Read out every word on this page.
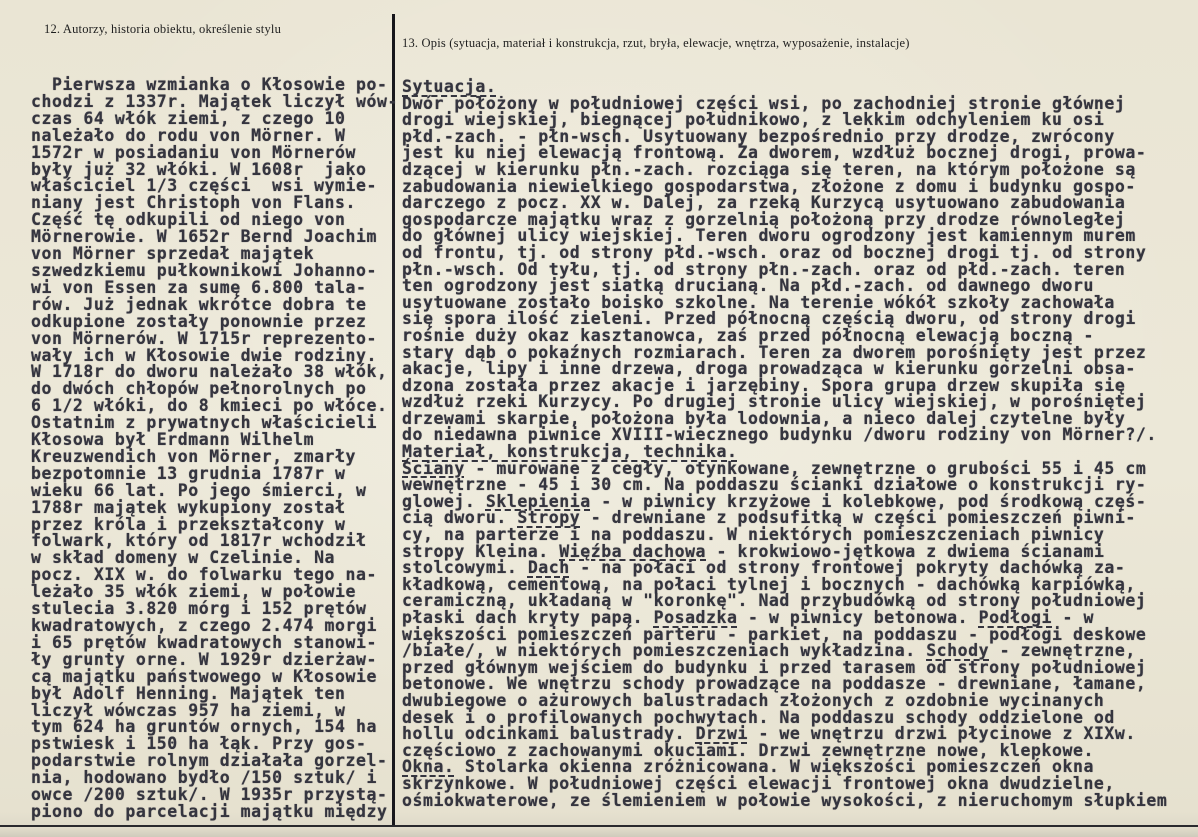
12. Autorzy, historia obiektu, określenie stylu
13. Opis (sytuacja, materiał i konstrukcja, rzut, bryła, elewacje, wnętrza, wyposażenie, instalacje)
Pierwsza wzmianka o Kłosowie po-
chodzi z 1337r. Majątek liczył wów-
czas 64 włók ziemi, z czego 10
należało do rodu von Mörner. W
1572r w posiadaniu von Mörnerów
były już 32 włóki. W 1608r  jako
właściciel 1/3 części  wsi wymie-
niany jest Christoph von Flans.
Część tę odkupili od niego von
Mörnerowie. W 1652r Bernd Joachim
von Mörner sprzedał majątek
szwedzkiemu pułkownikowi Johanno-
wi von Essen za sumę 6.800 tala-
rów. Już jednak wkrótce dobra te
odkupione zostały ponownie przez
von Mörnerów. W 1715r reprezento-
wały ich w Kłosowie dwie rodziny.
W 1718r do dworu należało 38 włók,
do dwóch chłopów pełnorolnych po
6 1/2 włóki, do 8 kmieci po włóce.
Ostatnim z prywatnych właścicieli
Kłosowa był Erdmann Wilhelm
Kreuzwendich von Mörner, zmarły
bezpotomnie 13 grudnia 1787r w
wieku 66 lat. Po jego śmierci, w
1788r majątek wykupiony został
przez króla i przekształcony w
folwark, który od 1817r wchodził
w skład domeny w Czelinie. Na
pocz. XIX w. do folwarku tego na-
leżało 35 włók ziemi, w połowie
stulecia 3.820 mórg i 152 prętów
kwadratowych, z czego 2.474 morgi
i 65 prętów kwadratowych stanowi-
ły grunty orne. W 1929r dzierżaw-
cą majątku państwowego w Kłosowie
był Adolf Henning. Majątek ten
liczył wówczas 957 ha ziemi, w
tym 624 ha gruntów ornych, 154 ha
pstwiesk i 150 ha łąk. Przy gos-
podarstwie rolnym działała gorzel-
nia, hodowano bydło /150 sztuk/ i
owce /200 sztuk/. W 1935r przystą-
piono do parcelacji majątku między
Sytuacja.
Dwór położony w południowej części wsi, po zachodniej stronie głównej
drogi wiejskiej, biegnącej południkowo, z lekkim odchyleniem ku osi
płd.-zach. - płn-wsch. Usytuowany bezpośrednio przy drodze, zwrócony
jest ku niej elewacją frontową. Za dworem, wzdłuż bocznej drogi, prowa-
dzącej w kierunku płn.-zach. rozciąga się teren, na którym położone są
zabudowania niewielkiego gospodarstwa, złożone z domu i budynku gospo-
darczego z pocz. XX w. Dalej, za rzeką Kurzycą usytuowano zabudowania
gospodarcze majątku wraz z gorzelnią położoną przy drodze równoległej
do głównej ulicy wiejskiej. Teren dworu ogrodzony jest kamiennym murem
od frontu, tj. od strony płd.-wsch. oraz od bocznej drogi tj. od strony
płn.-wsch. Od tyłu, tj. od strony płn.-zach. oraz od płd.-zach. teren
ten ogrodzony jest siatką drucianą. Na płd.-zach. od dawnego dworu
usytuowane zostało boisko szkolne. Na terenie wókół szkoły zachowała
się spora ilość zieleni. Przed północną częścią dworu, od strony drogi
rośnie duży okaz kasztanowca, zaś przed północną elewacją boczną -
stary dąb o pokaźnych rozmiarach. Teren za dworem porośnięty jest przez
akacje, lipy i inne drzewa, droga prowadząca w kierunku gorzelni obsa-
dzona została przez akacje i jarzębiny. Spora grupa drzew skupiła się
wzdłuż rzeki Kurzycy. Po drugiej stronie ulicy wiejskiej, w porośniętej
drzewami skarpie, położona była lodownia, a nieco dalej czytelne były
do niedawna piwnice XVIII-wiecznego budynku /dworu rodziny von Mörner?/.
Materiał, konstrukcja, technika.
Ściany - murowane z cegły, otynkowane, zewnętrzne o grubości 55 i 45 cm
wewnętrzne - 45 i 30 cm. Na poddaszu ścianki działowe o konstrukcji ry-
glowej. Sklepienia - w piwnicy krzyżowe i kolebkowe, pod środkową częś-
cią dworu. Stropy - drewniane z podsufitką w części pomieszczeń piwni-
cy, na parterze i na poddaszu. W niektórych pomieszczeniach piwnicy
stropy Kleina. Więźba dachowa - krokwiowo-jętkowa z dwiema ścianami
stolcowymi. Dach - na połaci od strony frontowej pokryty dachówką za-
kładkową, cementową, na połaci tylnej i bocznych - dachówką karpiówką,
ceramiczną, układaną w "koronkę". Nad przybudówką od strony południowej
płaski dach kryty papą. Posadzka - w piwnicy betonowa. Podłogi - w
większości pomieszczeń parteru - parkiet, na poddaszu - podłogi deskowe
/białe/, w niektórych pomieszczeniach wykładzina. Schody - zewnętrzne,
przed głównym wejściem do budynku i przed tarasem od strony południowej
betonowe. We wnętrzu schody prowadzące na poddasze - drewniane, łamane,
dwubiegowe o ażurowych balustradach złożonych z ozdobnie wycinanych
desek i o profilowanych pochwytach. Na poddaszu schody oddzielone od
hollu odcinkami balustrady. Drzwi - we wnętrzu drzwi płycinowe z XIXw.
częściowo z zachowanymi okuciami. Drzwi zewnętrzne nowe, klepkowe.
Okna. Stolarka okienna zróżnicowana. W większości pomieszczeń okna
skrzynkowe. W południowej części elewacji frontowej okna dwudzielne,
ośmiokwaterowe, ze ślemieniem w połowie wysokości, z nieruchomym słupkiem
